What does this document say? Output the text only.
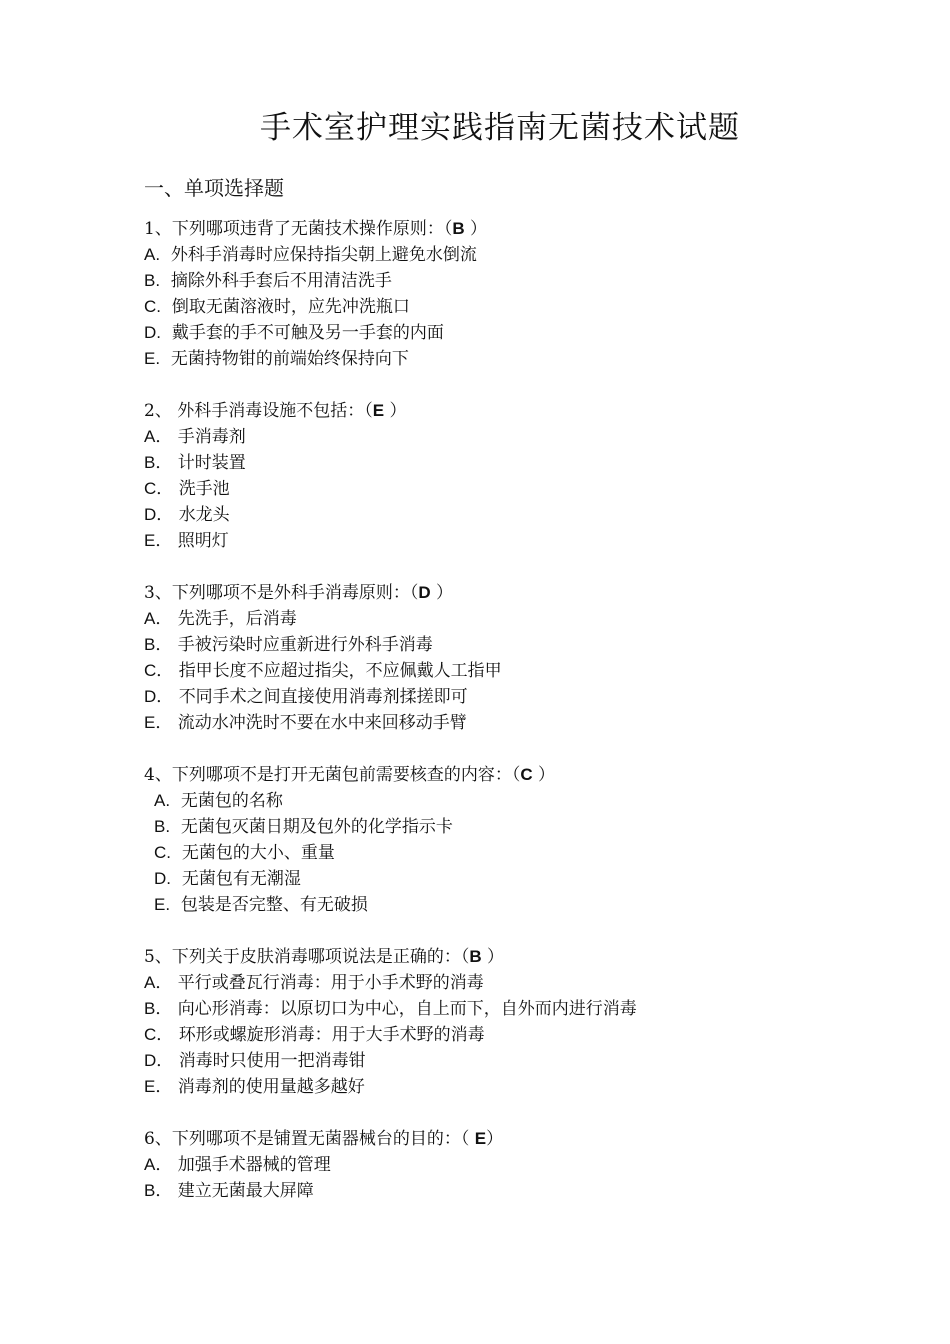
手术室护理实践指南无菌技术试题
一、单项选择题
1、下列哪项违背了无菌技术操作原则：（B ）
A. 外科手消毒时应保持指尖朝上避免水倒流
B. 摘除外科手套后不用清洁洗手
C. 倒取无菌溶液时，应先冲洗瓶口
D. 戴手套的手不可触及另一手套的内面
E. 无菌持物钳的前端始终保持向下
2、 外科手消毒设施不包括：（E ）
A． 手消毒剂
B． 计时装置
C． 洗手池
D． 水龙头
E． 照明灯
3、下列哪项不是外科手消毒原则：（D ）
A． 先洗手，后消毒
B． 手被污染时应重新进行外科手消毒
C． 指甲长度不应超过指尖，不应佩戴人工指甲
D． 不同手术之间直接使用消毒剂揉搓即可
E． 流动水冲洗时不要在水中来回移动手臂
4、下列哪项不是打开无菌包前需要核查的内容：（C ）
A. 无菌包的名称
B. 无菌包灭菌日期及包外的化学指示卡
C. 无菌包的大小、重量
D. 无菌包有无潮湿
E. 包装是否完整、有无破损
5、下列关于皮肤消毒哪项说法是正确的：（B ）
A． 平行或叠瓦行消毒：用于小手术野的消毒
B． 向心形消毒：以原切口为中心，自上而下，自外而内进行消毒
C． 环形或螺旋形消毒：用于大手术野的消毒
D． 消毒时只使用一把消毒钳
E． 消毒剂的使用量越多越好
6、下列哪项不是铺置无菌器械台的目的：（ E）
A． 加强手术器械的管理
B． 建立无菌最大屏障
